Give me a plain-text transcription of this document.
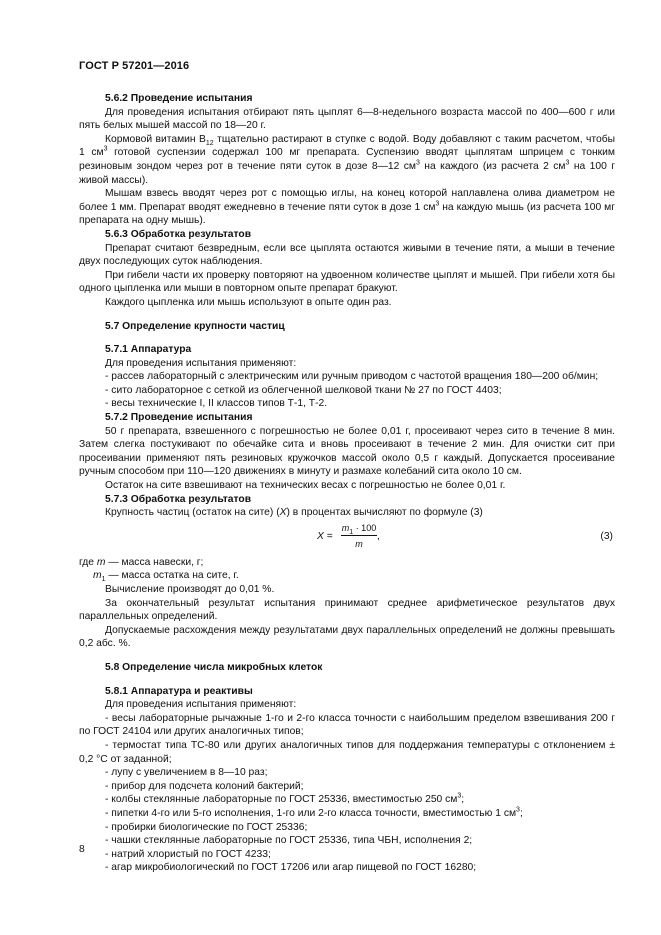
ГОСТ Р 57201—2016

5.6.2 Проведение испытания

Для проведения испытания отбирают пять цыплят 6—8-недельного возраста массой по 400—600 г или пять белых мышей массой по 18—20 г.

Кормовой витамин $B_{12}$ тщательно растирают в ступке с водой. Воду добавляют с таким расчетом, чтобы 1 $см^3$ готовой суспензии содержал 100 мг препарата. Суспензию вводят цыплятам шприцем с тонким резиновым зондом через рот в течение пяти суток в дозе 8—12 $см^3$ на каждого (из расчета 2 $см^3$ на 100 г живой массы).

Мышам взвесь вводят через рот с помощью иглы, на конец которой наплавлена олива диаметром не более 1 мм. Препарат вводят ежедневно в течение пяти суток в дозе 1 $см^3$ на каждую мышь (из расчета 100 мг препарата на одну мышь).

5.6.3 Обработка результатов

Препарат считают безвредным, если все цыплята остаются живыми в течение пяти, а мыши в течение двух последующих суток наблюдения.

При гибели части их проверку повторяют на удвоенном количестве цыплят и мышей. При гибели хотя бы одного цыпленка или мыши в повторном опыте препарат бракуют.

Каждого цыпленка или мышь используют в опыте один раз.

5.7 Определение крупности частиц

5.7.1 Аппаратура

Для проведения испытания применяют:

- рассев лабораторный с электрическим или ручным приводом с частотой вращения 180—200 об/мин;

- сито лабораторное с сеткой из облегченной шелковой ткани № 27 по ГОСТ 4403;

- весы технические I, II классов типов Т-1, Т-2.

5.7.2 Проведение испытания

50 г препарата, взвешенного с погрешностью не более 0,01 г, просеивают через сито в течение 8 мин. Затем слегка постукивают по обечайке сита и вновь просеивают в течение 2 мин. Для очистки сит при просеивании применяют пять резиновых кружочков массой около 0,5 г каждый. Допускается просеивание ручным способом при 110—120 движениях в минуту и размахе колебаний сита около 10 см.

Остаток на сите взвешивают на технических весах с погрешностью не более 0,01 г.

5.7.3 Обработка результатов

Крупность частиц (остаток на сите) (X) в процентах вычисляют по формуле (3)

$X = \frac{m_1 \cdot 100}{m}$ ,	(3)

где m — масса навески, г;

$m_1$ — масса остатка на сите, г.

Вычисление производят до 0,01 %.

За окончательный результат испытания принимают среднее арифметическое результатов двух параллельных определений.

Допускаемые расхождения между результатами двух параллельных определений не должны превышать 0,2 абс. %.

5.8 Определение числа микробных клеток

5.8.1 Аппаратура и реактивы

Для проведения испытания применяют:

- весы лабораторные рычажные 1-го и 2-го класса точности с наибольшим пределом взвешивания 200 г по ГОСТ 24104 или других аналогичных типов;

- термостат типа ТС-80 или других аналогичных типов для поддержания температуры с отклонением ± 0,2 °С от заданной;

- лупу с увеличением в 8—10 раз;

- прибор для подсчета колоний бактерий;

- колбы стеклянные лабораторные по ГОСТ 25336, вместимостью 250 $см^3$;

- пипетки 4-го или 5-го исполнения, 1-го или 2-го класса точности, вместимостью 1 $см^3$;

- пробирки биологические по ГОСТ 25336;

- чашки стеклянные лабораторные по ГОСТ 25336, типа ЧБН, исполнения 2;

- натрий хлористый по ГОСТ 4233;

- агар микробиологический по ГОСТ 17206 или агар пищевой по ГОСТ 16280;

8
